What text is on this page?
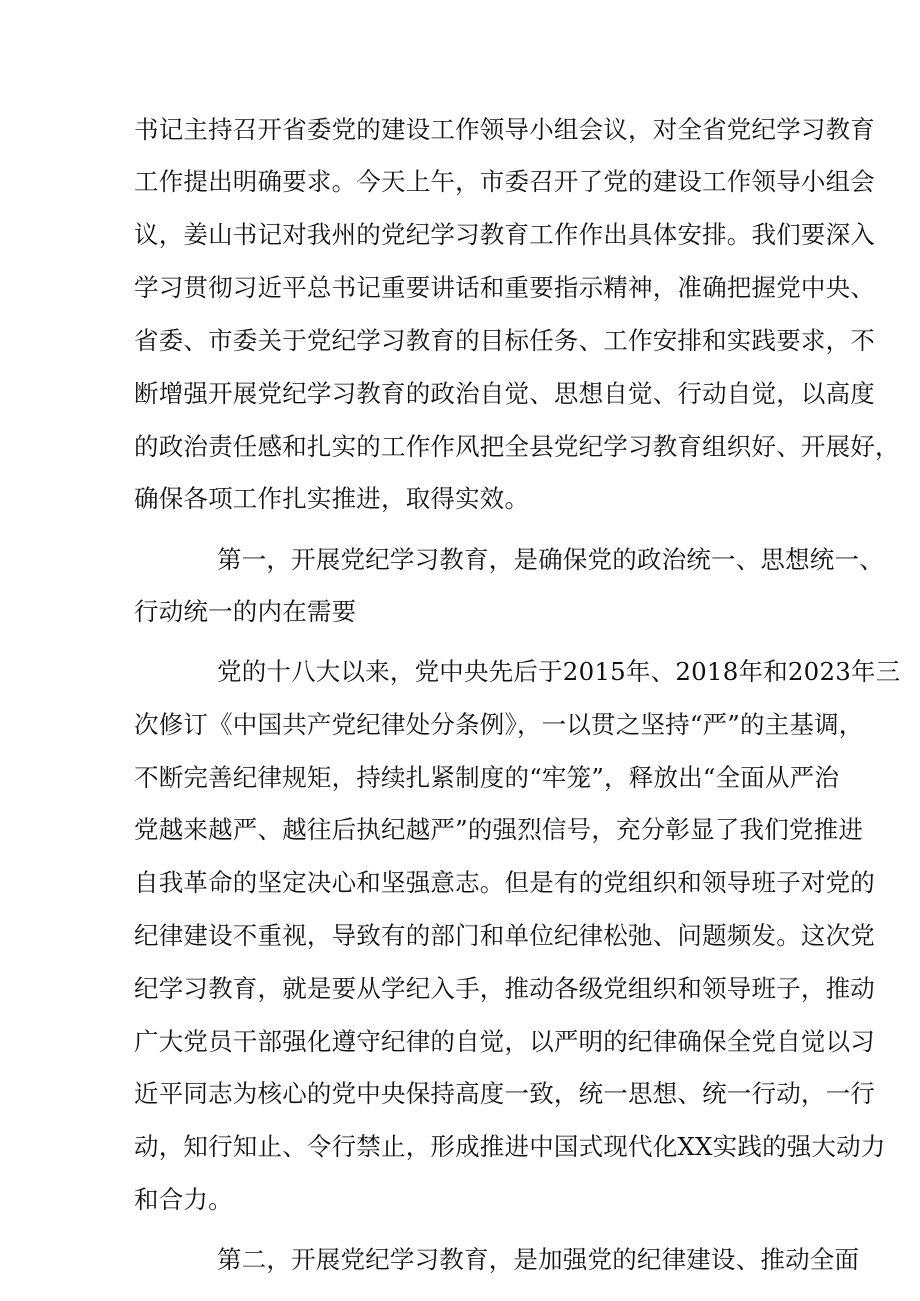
书记主持召开省委党的建设工作领导小组会议，对全省党纪学习教育
工作提出明确要求。今天上午，市委召开了党的建设工作领导小组会
议，姜山书记对我州的党纪学习教育工作作出具体安排。我们要深入
学习贯彻习近平总书记重要讲话和重要指示精神，准确把握党中央、
省委、市委关于党纪学习教育的目标任务、工作安排和实践要求，不
断增强开展党纪学习教育的政治自觉、思想自觉、行动自觉，以高度
的政治责任感和扎实的工作作风把全县党纪学习教育组织好、开展好，
确保各项工作扎实推进，取得实效。
第一，开展党纪学习教育，是确保党的政治统一、思想统一、
行动统一的内在需要
党的十八大以来，党中央先后于2015年、2018年和2023年三
次修订《中国共产党纪律处分条例》，一以贯之坚持“严”的主基调，
不断完善纪律规矩，持续扎紧制度的“牢笼”，释放出“全面从严治
党越来越严、越往后执纪越严”的强烈信号，充分彰显了我们党推进
自我革命的坚定决心和坚强意志。但是有的党组织和领导班子对党的
纪律建设不重视，导致有的部门和单位纪律松弛、问题频发。这次党
纪学习教育，就是要从学纪入手，推动各级党组织和领导班子，推动
广大党员干部强化遵守纪律的自觉，以严明的纪律确保全党自觉以习
近平同志为核心的党中央保持高度一致，统一思想、统一行动，一行
动，知行知止、令行禁止，形成推进中国式现代化XX实践的强大动力
和合力。
第二，开展党纪学习教育，是加强党的纪律建设、推动全面
